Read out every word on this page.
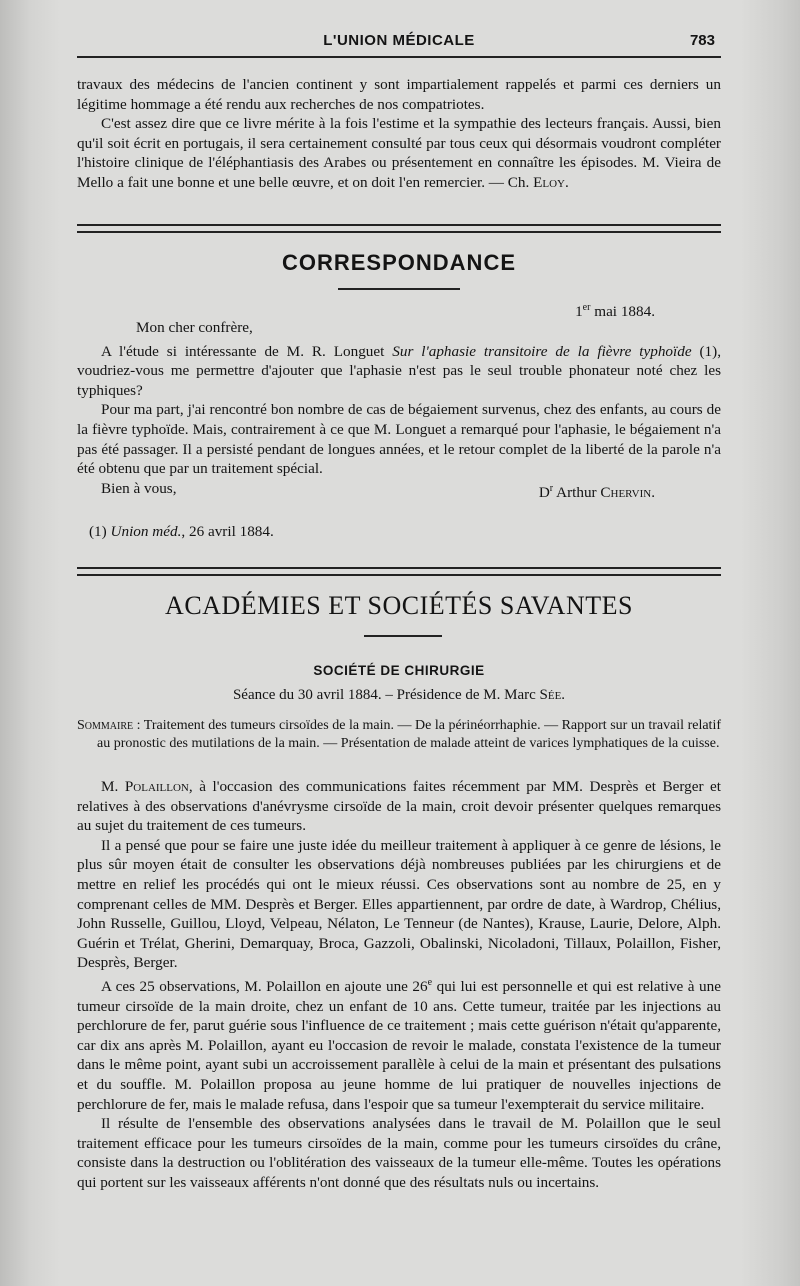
L'UNION MÉDICALE	783

travaux des médecins de l'ancien continent y sont impartialement rappelés et parmi ces derniers un légitime hommage a été rendu aux recherches de nos compatriotes.

C'est assez dire que ce livre mérite à la fois l'estime et la sympathie des lecteurs français. Aussi, bien qu'il soit écrit en portugais, il sera certainement consulté par tous ceux qui désormais voudront compléter l'histoire clinique de l'éléphantiasis des Arabes ou présentement en connaître les épisodes. M. Vieira de Mello a fait une bonne et une belle œuvre, et on doit l'en remercier. — Ch. Eloy.

CORRESPONDANCE

1er mai 1884.

Mon cher confrère,

A l'étude si intéressante de M. R. Longuet Sur l'aphasie transitoire de la fièvre typhoïde (1), voudriez-vous me permettre d'ajouter que l'aphasie n'est pas le seul trouble phonateur noté chez les typhiques?

Pour ma part, j'ai rencontré bon nombre de cas de bégaiement survenus, chez des enfants, au cours de la fièvre typhoïde. Mais, contrairement à ce que M. Longuet a remarqué pour l'aphasie, le bégaiement n'a pas été passager. Il a persisté pendant de longues années, et le retour complet de la liberté de la parole n'a été obtenu que par un traitement spécial.

Bien à vous,	$D^r$ Arthur Chervin.

(1) Union méd., 26 avril 1884.

ACADÉMIES ET SOCIÉTÉS SAVANTES
SOCIÉTÉ DE CHIRURGIE
Séance du 30 avril 1884. – Présidence de M. Marc Sée.

Sommaire : Traitement des tumeurs cirsoïdes de la main. — De la périnéorrhaphie. — Rapport sur un travail relatif au pronostic des mutilations de la main. — Présentation de malade atteint de varices lymphatiques de la cuisse.

M. Polaillon, à l'occasion des communications faites récemment par MM. Desprès et Berger et relatives à des observations d'anévrysme cirsoïde de la main, croit devoir présenter quelques remarques au sujet du traitement de ces tumeurs.

Il a pensé que pour se faire une juste idée du meilleur traitement à appliquer à ce genre de lésions, le plus sûr moyen était de consulter les observations déjà nombreuses publiées par les chirurgiens et de mettre en relief les procédés qui ont le mieux réussi. Ces observations sont au nombre de 25, en y comprenant celles de MM. Desprès et Berger. Elles appartiennent, par ordre de date, à Wardrop, Chélius, John Russelle, Guillou, Lloyd, Velpeau, Nélaton, Le Tenneur (de Nantes), Krause, Laurie, Delore, Alph. Guérin et Trélat, Gherini, Demarquay, Broca, Gazzoli, Obalinski, Nicoladoni, Tillaux, Polaillon, Fisher, Desprès, Berger.

A ces 25 observations, M. Polaillon en ajoute une 26e qui lui est personnelle et qui est relative à une tumeur cirsoïde de la main droite, chez un enfant de 10 ans. Cette tumeur, traitée par les injections au perchlorure de fer, parut guérie sous l'influence de ce traitement ; mais cette guérison n'était qu'apparente, car dix ans après M. Polaillon, ayant eu l'occasion de revoir le malade, constata l'existence de la tumeur dans le même point, ayant subi un accroissement parallèle à celui de la main et présentant des pulsations et du souffle. M. Polaillon proposa au jeune homme de lui pratiquer de nouvelles injections de perchlorure de fer, mais le malade refusa, dans l'espoir que sa tumeur l'exempterait du service militaire.

Il résulte de l'ensemble des observations analysées dans le travail de M. Polaillon que le seul traitement efficace pour les tumeurs cirsoïdes de la main, comme pour les tumeurs cirsoïdes du crâne, consiste dans la destruction ou l'oblitération des vaisseaux de la tumeur elle-même. Toutes les opérations qui portent sur les vaisseaux afférents n'ont donné que des résultats nuls ou incertains.
